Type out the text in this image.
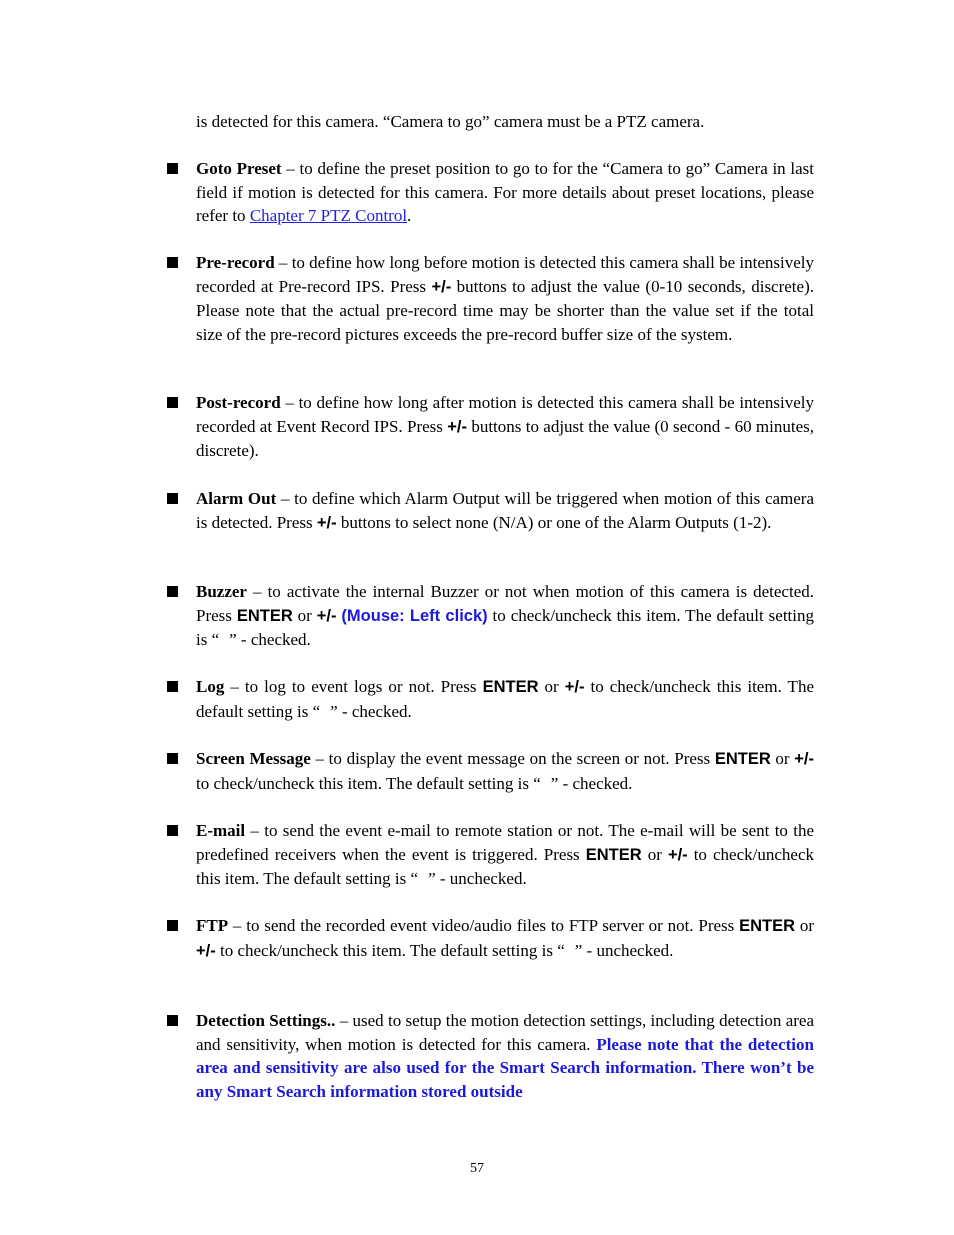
is detected for this camera. “Camera to go” camera must be a PTZ camera.

Goto Preset – to define the preset position to go to for the “Camera to go” Camera in last field if motion is detected for this camera. For more details about preset locations, please refer to Chapter 7 PTZ Control.
Pre-record – to define how long before motion is detected this camera shall be intensively recorded at Pre-record IPS. Press +/- buttons to adjust the value (0-10 seconds, discrete). Please note that the actual pre-record time may be shorter than the value set if the total size of the pre-record pictures exceeds the pre-record buffer size of the system.
Post-record – to define how long after motion is detected this camera shall be intensively recorded at Event Record IPS. Press +/- buttons to adjust the value (0 second - 60 minutes, discrete).
Alarm Out – to define which Alarm Output will be triggered when motion of this camera is detected. Press +/- buttons to select none (N/A) or one of the Alarm Outputs (1-2).
Buzzer – to activate the internal Buzzer or not when motion of this camera is detected. Press ENTER or +/- (Mouse: Left click) to check/uncheck this item. The default setting is “ ” - checked.
Log – to log to event logs or not. Press ENTER or +/- to check/uncheck this item. The default setting is “ ” - checked.
Screen Message – to display the event message on the screen or not. Press ENTER or +/- to check/uncheck this item. The default setting is “ ” - checked.
E-mail – to send the event e-mail to remote station or not. The e-mail will be sent to the predefined receivers when the event is triggered. Press ENTER or +/- to check/uncheck this item. The default setting is “ ” - unchecked.
FTP – to send the recorded event video/audio files to FTP server or not. Press ENTER or +/- to check/uncheck this item. The default setting is “ ” - unchecked.
Detection Settings.. – used to setup the motion detection settings, including detection area and sensitivity, when motion is detected for this camera. Please note that the detection area and sensitivity are also used for the Smart Search information. There won’t be any Smart Search information stored outside
57
